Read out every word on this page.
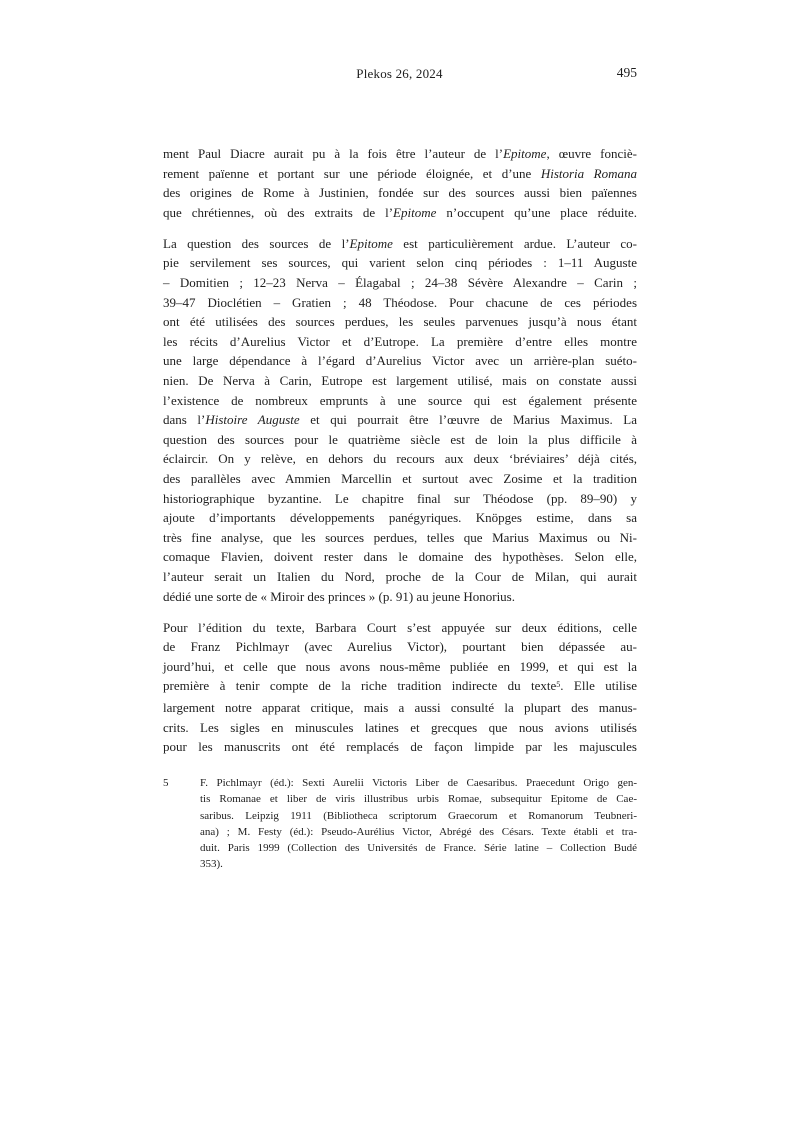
Plekos 26, 2024	495
ment Paul Diacre aurait pu à la fois être l’auteur de l’Epitome, œuvre fonciè-
rement païenne et portant sur une période éloignée, et d’une Historia Romana
des origines de Rome à Justinien, fondée sur des sources aussi bien païennes
que chrétiennes, où des extraits de l’Epitome n’occupent qu’une place réduite.
La question des sources de l’Epitome est particulièrement ardue. L’auteur co-
pie servilement ses sources, qui varient selon cinq périodes : 1–11 Auguste
– Domitien ; 12–23 Nerva – Élagabal ; 24–38 Sévère Alexandre – Carin ;
39–47 Dioclétien – Gratien ; 48 Théodose. Pour chacune de ces périodes
ont été utilisées des sources perdues, les seules parvenues jusqu’à nous étant
les récits d’Aurelius Victor et d’Eutrope. La première d’entre elles montre
une large dépendance à l’égard d’Aurelius Victor avec un arrière-plan suéto-
nien. De Nerva à Carin, Eutrope est largement utilisé, mais on constate aussi
l’existence de nombreux emprunts à une source qui est également présente
dans l’Histoire Auguste et qui pourrait être l’œuvre de Marius Maximus. La
question des sources pour le quatrième siècle est de loin la plus difficile à
éclaircir. On y relève, en dehors du recours aux deux ‘bréviaires’ déjà cités,
des parallèles avec Ammien Marcellin et surtout avec Zosime et la tradition
historiographique byzantine. Le chapitre final sur Théodose (pp. 89–90) y
ajoute d’importants développements panégyriques. Knöpges estime, dans sa
très fine analyse, que les sources perdues, telles que Marius Maximus ou Ni-
comaque Flavien, doivent rester dans le domaine des hypothèses. Selon elle,
l’auteur serait un Italien du Nord, proche de la Cour de Milan, qui aurait
dédié une sorte de « Miroir des princes » (p. 91) au jeune Honorius.
Pour l’édition du texte, Barbara Court s’est appuyée sur deux éditions, celle
de Franz Pichlmayr (avec Aurelius Victor), pourtant bien dépassée au-
jourd’hui, et celle que nous avons nous-même publiée en 1999, et qui est la
première à tenir compte de la riche tradition indirecte du texte$^5$. Elle utilise
largement notre apparat critique, mais a aussi consulté la plupart des manus-
crits. Les sigles en minuscules latines et grecques que nous avions utilisés
pour les manuscrits ont été remplacés de façon limpide par les majuscules
5	F. Pichlmayr (éd.): Sexti Aurelii Victoris Liber de Caesaribus. Praecedunt Origo gen-
tis Romanae et liber de viris illustribus urbis Romae, subsequitur Epitome de Cae-
saribus. Leipzig 1911 (Bibliotheca scriptorum Graecorum et Romanorum Teubneri-
ana) ; M. Festy (éd.): Pseudo-Aurélius Victor, Abrégé des Césars. Texte établi et tra-
duit. Paris 1999 (Collection des Universités de France. Série latine – Collection Budé
353).
